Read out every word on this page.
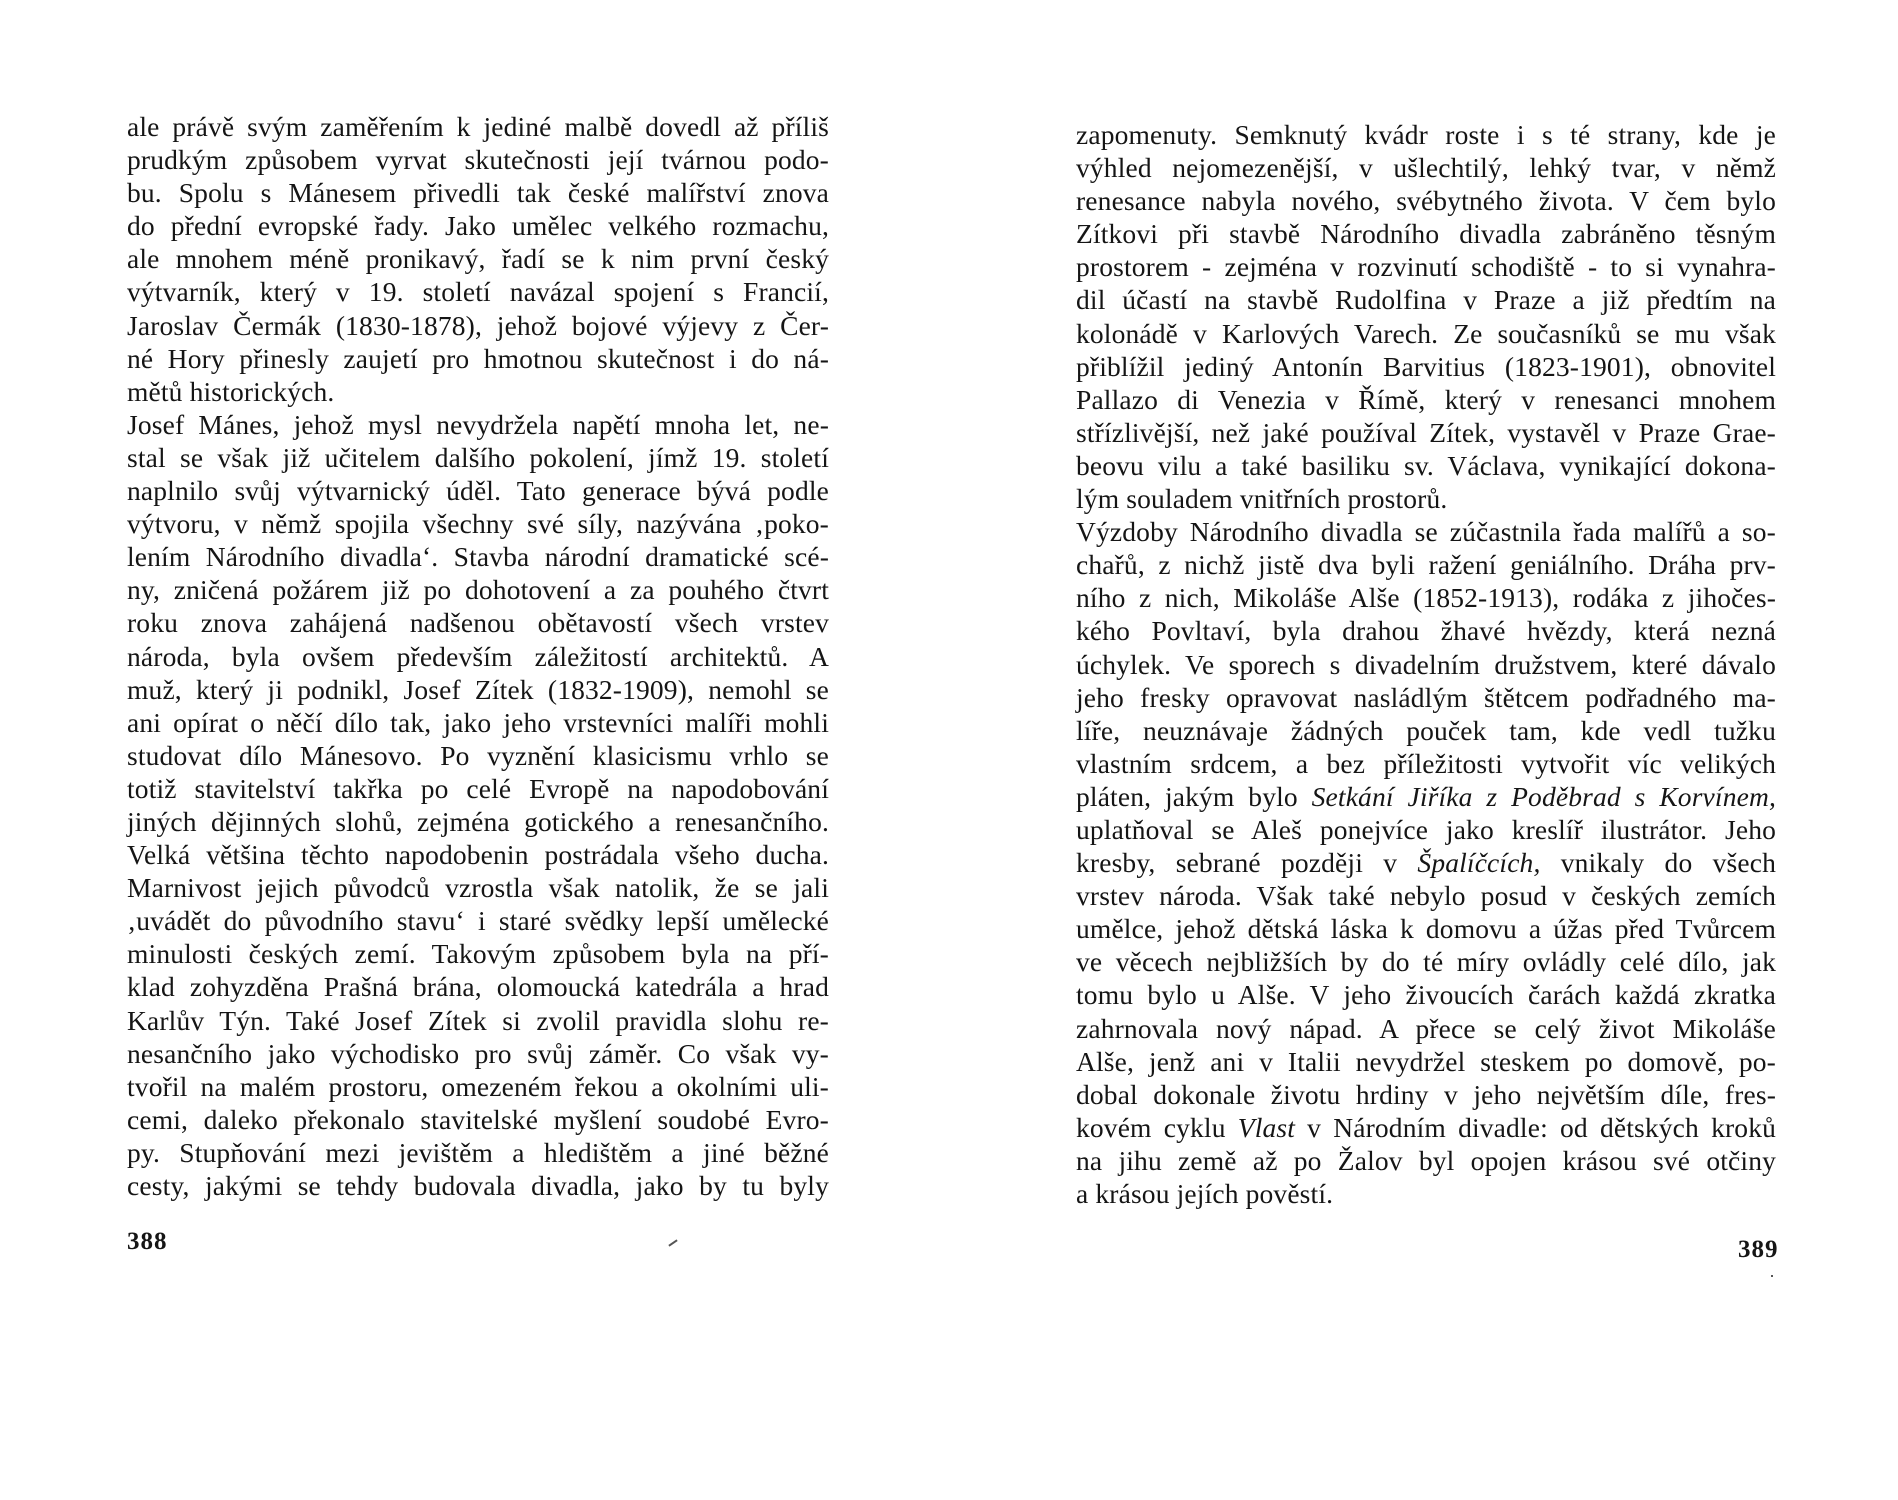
ale právě svým zaměřením k jediné malbě dovedl až příliš
prudkým způsobem vyrvat skutečnosti její tvárnou podo-
bu. Spolu s Mánesem přivedli tak české malířství znova
do přední evropské řady. Jako umělec velkého rozmachu,
ale mnohem méně pronikavý, řadí se k nim první český
výtvarník, který v 19. století navázal spojení s Francií,
Jaroslav Čermák (1830-1878), jehož bojové výjevy z Čer-
né Hory přinesly zaujetí pro hmotnou skutečnost i do ná-
mětů historických.
Josef Mánes, jehož mysl nevydržela napětí mnoha let, ne-
stal se však již učitelem dalšího pokolení, jímž 19. století
naplnilo svůj výtvarnický úděl. Tato generace bývá podle
výtvoru, v němž spojila všechny své síly, nazývána ‚poko-
lením Národního divadla‘. Stavba národní dramatické scé-
ny, zničená požárem již po dohotovení a za pouhého čtvrt
roku znova zahájená nadšenou obětavostí všech vrstev
národa, byla ovšem především záležitostí architektů. A
muž, který ji podnikl, Josef Zítek (1832-1909), nemohl se
ani opírat o něčí dílo tak, jako jeho vrstevníci malíři mohli
studovat dílo Mánesovo. Po vyznění klasicismu vrhlo se
totiž stavitelství takřka po celé Evropě na napodobování
jiných dějinných slohů, zejména gotického a renesančního.
Velká většina těchto napodobenin postrádala všeho ducha.
Marnivost jejich původců vzrostla však natolik, že se jali
‚uvádět do původního stavu‘ i staré svědky lepší umělecké
minulosti českých zemí. Takovým způsobem byla na pří-
klad zohyzděna Prašná brána, olomoucká katedrála a hrad
Karlův Týn. Také Josef Zítek si zvolil pravidla slohu re-
nesančního jako východisko pro svůj záměr. Co však vy-
tvořil na malém prostoru, omezeném řekou a okolními uli-
cemi, daleko překonalo stavitelské myšlení soudobé Evro-
py. Stupňování mezi jevištěm a hledištěm a jiné běžné
cesty, jakými se tehdy budovala divadla, jako by tu byly
388
zapomenuty. Semknutý kvádr roste i s té strany, kde je
výhled nejomezenější, v ušlechtilý, lehký tvar, v němž
renesance nabyla nového, svébytného života. V čem bylo
Zítkovi při stavbě Národního divadla zabráněno těsným
prostorem - zejména v rozvinutí schodiště - to si vynahra-
dil účastí na stavbě Rudolfina v Praze a již předtím na
kolonádě v Karlových Varech. Ze současníků se mu však
přiblížil jediný Antonín Barvitius (1823-1901), obnovitel
Pallazo di Venezia v Římě, který v renesanci mnohem
střízlivější, než jaké používal Zítek, vystavěl v Praze Grae-
beovu vilu a také basiliku sv. Václava, vynikající dokona-
lým souladem vnitřních prostorů.
Výzdoby Národního divadla se zúčastnila řada malířů a so-
chařů, z nichž jistě dva byli ražení geniálního. Dráha prv-
ního z nich, Mikoláše Alše (1852-1913), rodáka z jihočes-
kého Povltaví, byla drahou žhavé hvězdy, která nezná
úchylek. Ve sporech s divadelním družstvem, které dávalo
jeho fresky opravovat nasládlým štětcem podřadného ma-
líře, neuznávaje žádných pouček tam, kde vedl tužku
vlastním srdcem, a bez příležitosti vytvořit víc velikých
pláten, jakým bylo Setkání Jiříka z Poděbrad s Korvínem,
uplatňoval se Aleš ponejvíce jako kreslíř ilustrátor. Jeho
kresby, sebrané později v Špalíčcích, vnikaly do všech
vrstev národa. Však také nebylo posud v českých zemích
umělce, jehož dětská láska k domovu a úžas před Tvůrcem
ve věcech nejbližších by do té míry ovládly celé dílo, jak
tomu bylo u Alše. V jeho živoucích čarách každá zkratka
zahrnovala nový nápad. A přece se celý život Mikoláše
Alše, jenž ani v Italii nevydržel steskem po domově, po-
dobal dokonale životu hrdiny v jeho největším díle, fres-
kovém cyklu Vlast v Národním divadle: od dětských kroků
na jihu země až po Žalov byl opojen krásou své otčiny
a krásou jejích pověstí.
389
